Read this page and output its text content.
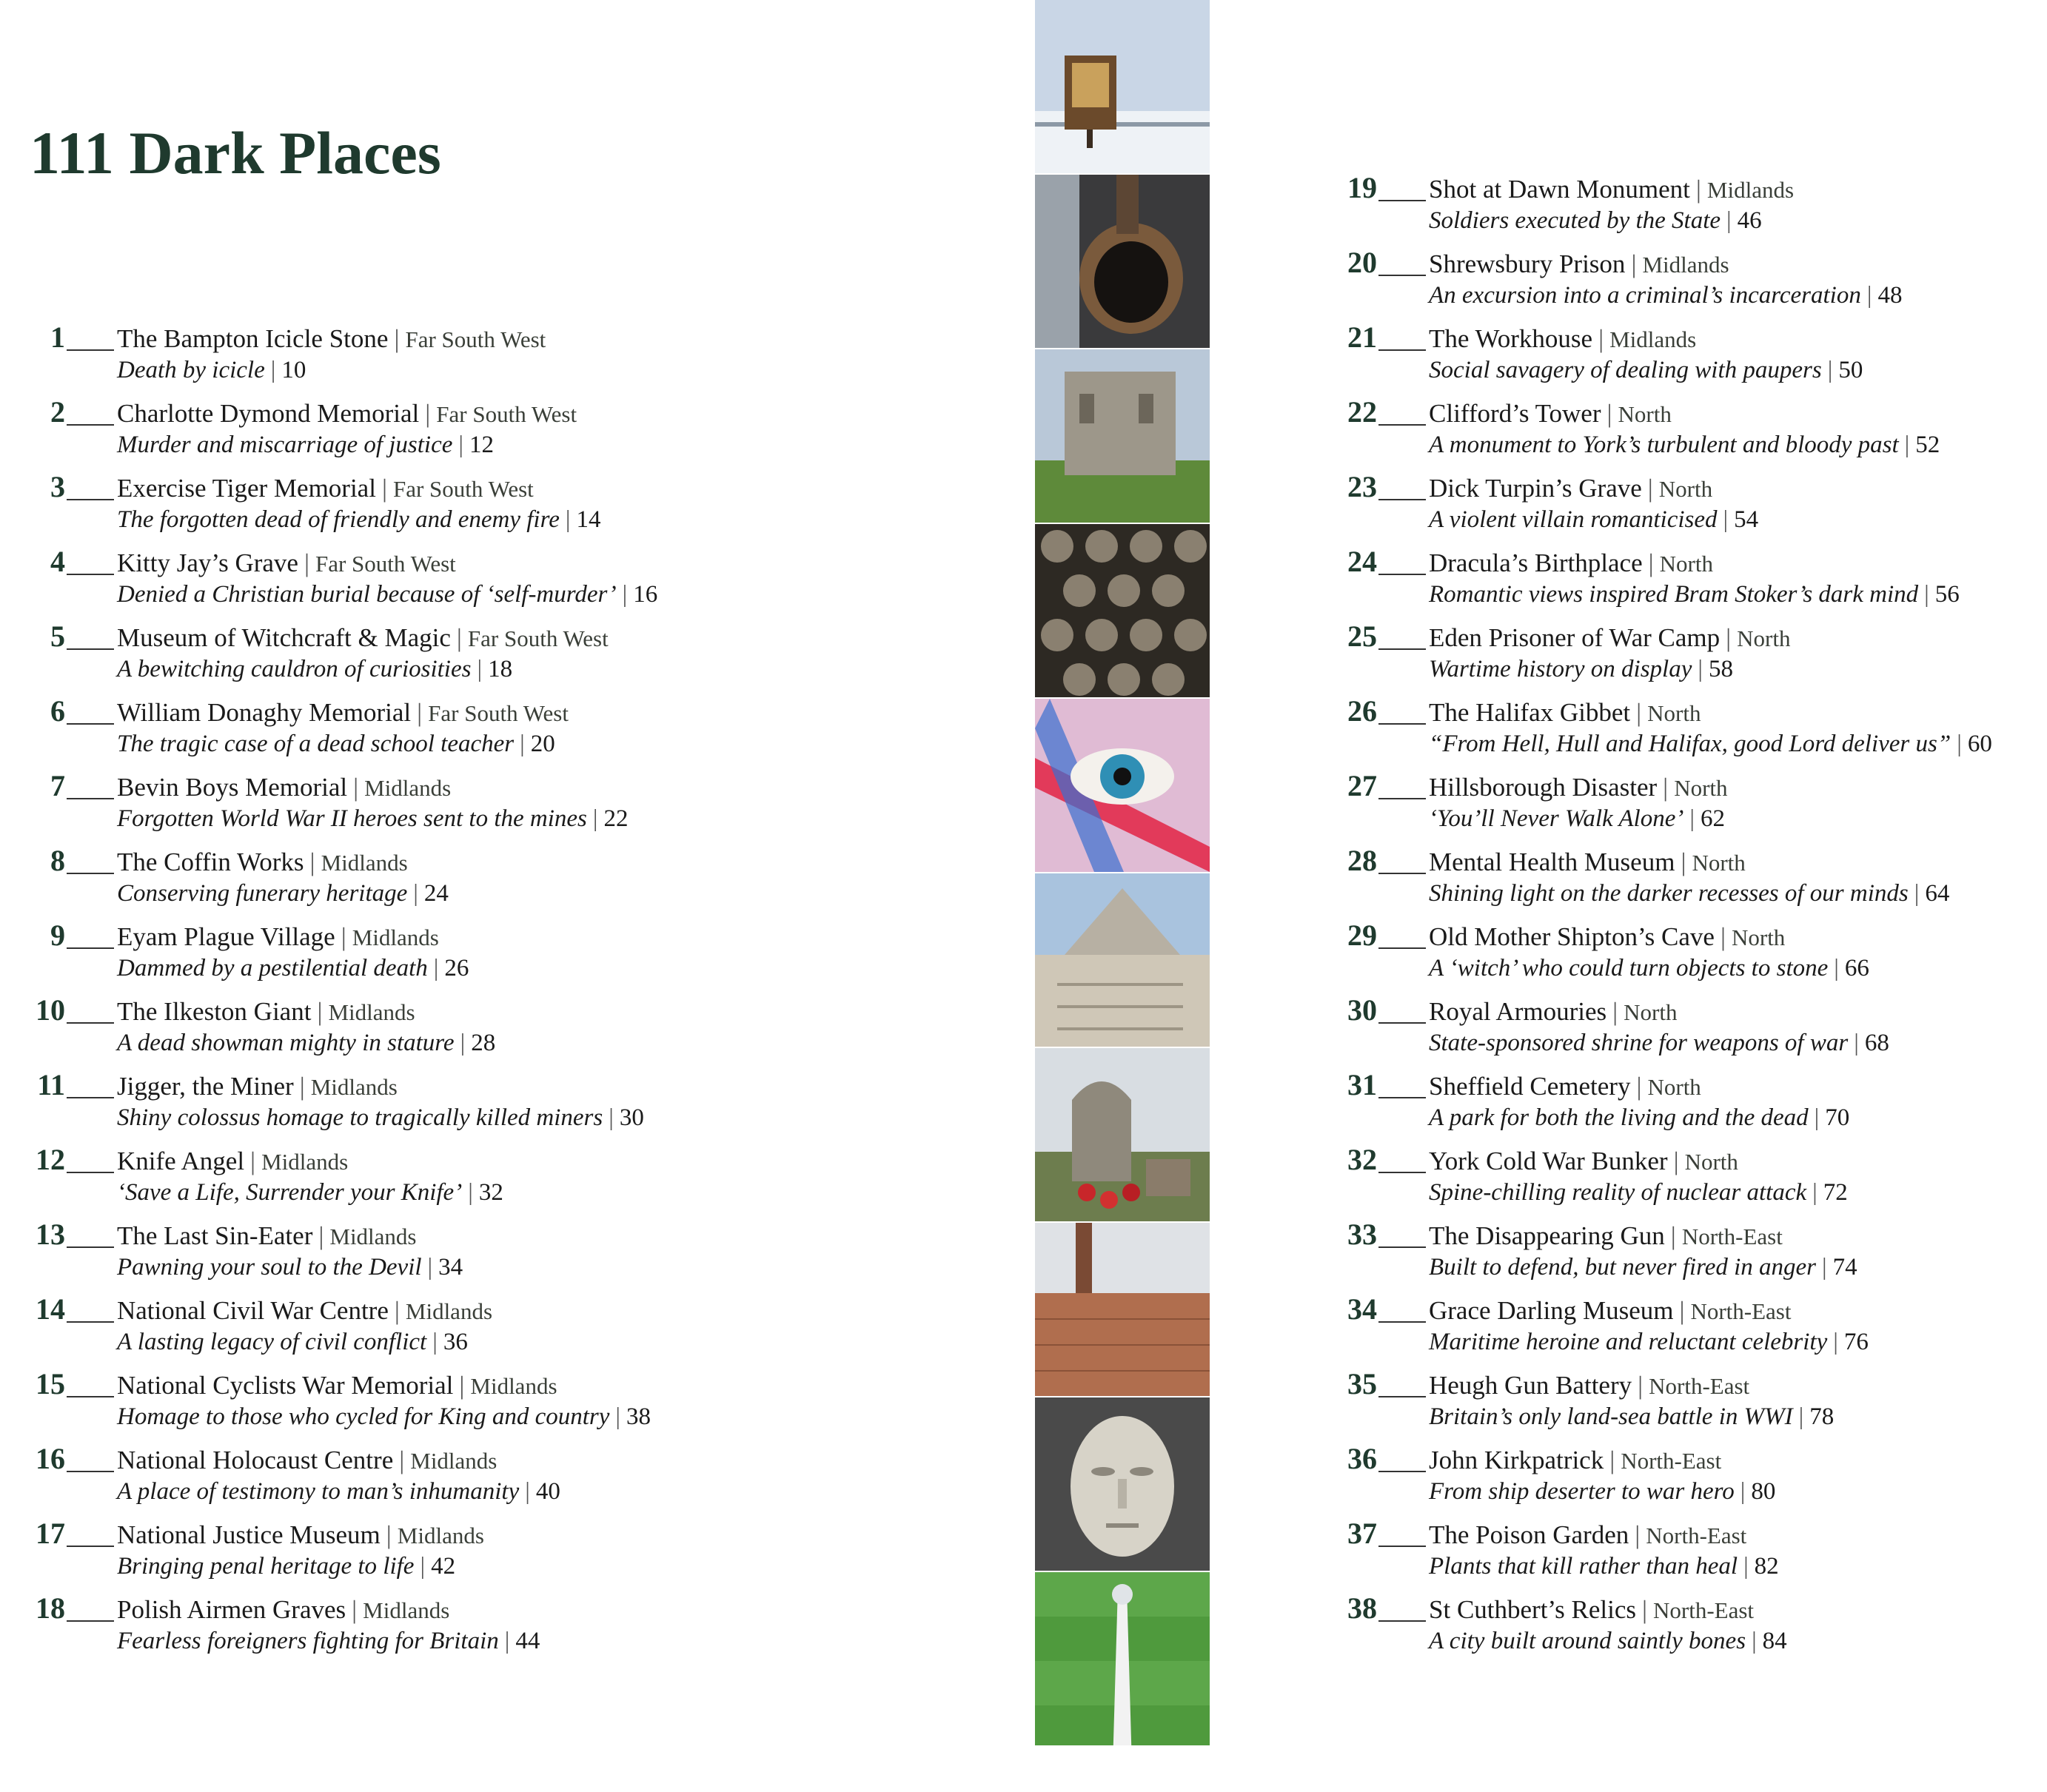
111 Dark Places
1 The Bampton Icicle Stone | Far South West
Death by icicle | 10
2 Charlotte Dymond Memorial | Far South West
Murder and miscarriage of justice | 12
3 Exercise Tiger Memorial | Far South West
The forgotten dead of friendly and enemy fire | 14
4 Kitty Jay’s Grave | Far South West
Denied a Christian burial because of ‘self-murder’ | 16
5 Museum of Witchcraft & Magic | Far South West
A bewitching cauldron of curiosities | 18
6 William Donaghy Memorial | Far South West
The tragic case of a dead school teacher | 20
7 Bevin Boys Memorial | Midlands
Forgotten World War II heroes sent to the mines | 22
8 The Coffin Works | Midlands
Conserving funerary heritage | 24
9 Eyam Plague Village | Midlands
Dammed by a pestilential death | 26
10 The Ilkeston Giant | Midlands
A dead showman mighty in stature | 28
11 Jigger, the Miner | Midlands
Shiny colossus homage to tragically killed miners | 30
12 Knife Angel | Midlands
‘Save a Life, Surrender your Knife’ | 32
13 The Last Sin-Eater | Midlands
Pawning your soul to the Devil | 34
14 National Civil War Centre | Midlands
A lasting legacy of civil conflict | 36
15 National Cyclists War Memorial | Midlands
Homage to those who cycled for King and country | 38
16 National Holocaust Centre | Midlands
A place of testimony to man’s inhumanity | 40
17 National Justice Museum | Midlands
Bringing penal heritage to life | 42
18 Polish Airmen Graves | Midlands
Fearless foreigners fighting for Britain | 44
19 Shot at Dawn Monument | Midlands
Soldiers executed by the State | 46
20 Shrewsbury Prison | Midlands
An excursion into a criminal’s incarceration | 48
21 The Workhouse | Midlands
Social savagery of dealing with paupers | 50
22 Clifford’s Tower | North
A monument to York’s turbulent and bloody past | 52
23 Dick Turpin’s Grave | North
A violent villain romanticised | 54
24 Dracula’s Birthplace | North
Romantic views inspired Bram Stoker’s dark mind | 56
25 Eden Prisoner of War Camp | North
Wartime history on display | 58
26 The Halifax Gibbet | North
“From Hell, Hull and Halifax, good Lord deliver us” | 60
27 Hillsborough Disaster | North
‘You’ll Never Walk Alone’ | 62
28 Mental Health Museum | North
Shining light on the darker recesses of our minds | 64
29 Old Mother Shipton’s Cave | North
A ‘witch’ who could turn objects to stone | 66
30 Royal Armouries | North
State-sponsored shrine for weapons of war | 68
31 Sheffield Cemetery | North
A park for both the living and the dead | 70
32 York Cold War Bunker | North
Spine-chilling reality of nuclear attack | 72
33 The Disappearing Gun | North-East
Built to defend, but never fired in anger | 74
34 Grace Darling Museum | North-East
Maritime heroine and reluctant celebrity | 76
35 Heugh Gun Battery | North-East
Britain’s only land-sea battle in WWI | 78
36 John Kirkpatrick | North-East
From ship deserter to war hero | 80
37 The Poison Garden | North-East
Plants that kill rather than heal | 82
38 St Cuthbert’s Relics | North-East
A city built around saintly bones | 84
